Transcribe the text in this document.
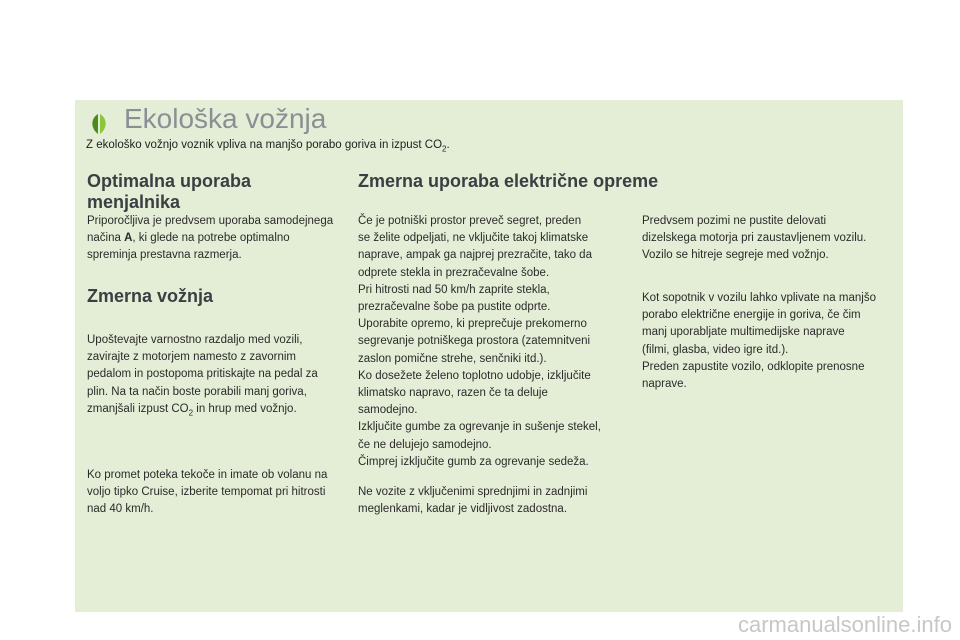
Ekološka vožnja
Z ekološko vožnjo voznik vpliva na manjšo porabo goriva in izpust $CO_2$.
Optimalna uporaba
menjalnika

Priporočljiva je predvsem uporaba samodejnega načina A, ki glede na potrebe optimalno spreminja prestavna razmerja.

Zmerna vožnja

Upoštevajte varnostno razdaljo med vozili, zavirajte z motorjem namesto z zavornim pedalom in postopoma pritiskajte na pedal za plin. Na ta način boste porabili manj goriva, zmanjšali izpust $CO_2$ in hrup med vožnjo.

Ko promet poteka tekoče in imate ob volanu na voljo tipko Cruise, izberite tempomat pri hitrosti nad 40 km/h.

Zmerna uporaba električne opreme

Če je potniški prostor preveč segret, preden
se želite odpeljati, ne vključite takoj klimatske
naprave, ampak ga najprej prezračite, tako da
odprete stekla in prezračevalne šobe.
Pri hitrosti nad 50 km/h zaprite stekla,
prezračevalne šobe pa pustite odprte.
Uporabite opremo, ki preprečuje prekomerno
segrevanje potniškega prostora (zatemnitveni
zaslon pomične strehe, senčniki itd.).
Ko dosežete želeno toplotno udobje, izključite
klimatsko napravo, razen če ta deluje
samodejno.
Izključite gumbe za ogrevanje in sušenje stekel,
če ne delujejo samodejno.
Čimprej izključite gumb za ogrevanje sedeža.

Ne vozite z vključenimi sprednjimi in zadnjimi
meglenkami, kadar je vidljivost zadostna.

Predvsem pozimi ne pustite delovati
dizelskega motorja pri zaustavljenem vozilu.
Vozilo se hitreje segreje med vožnjo.

Kot sopotnik v vozilu lahko vplivate na manjšo
porabo električne energije in goriva, če čim
manj uporabljate multimedijske naprave
(filmi, glasba, video igre itd.).
Preden zapustite vozilo, odklopite prenosne
naprave.

carmanualsonline.info
